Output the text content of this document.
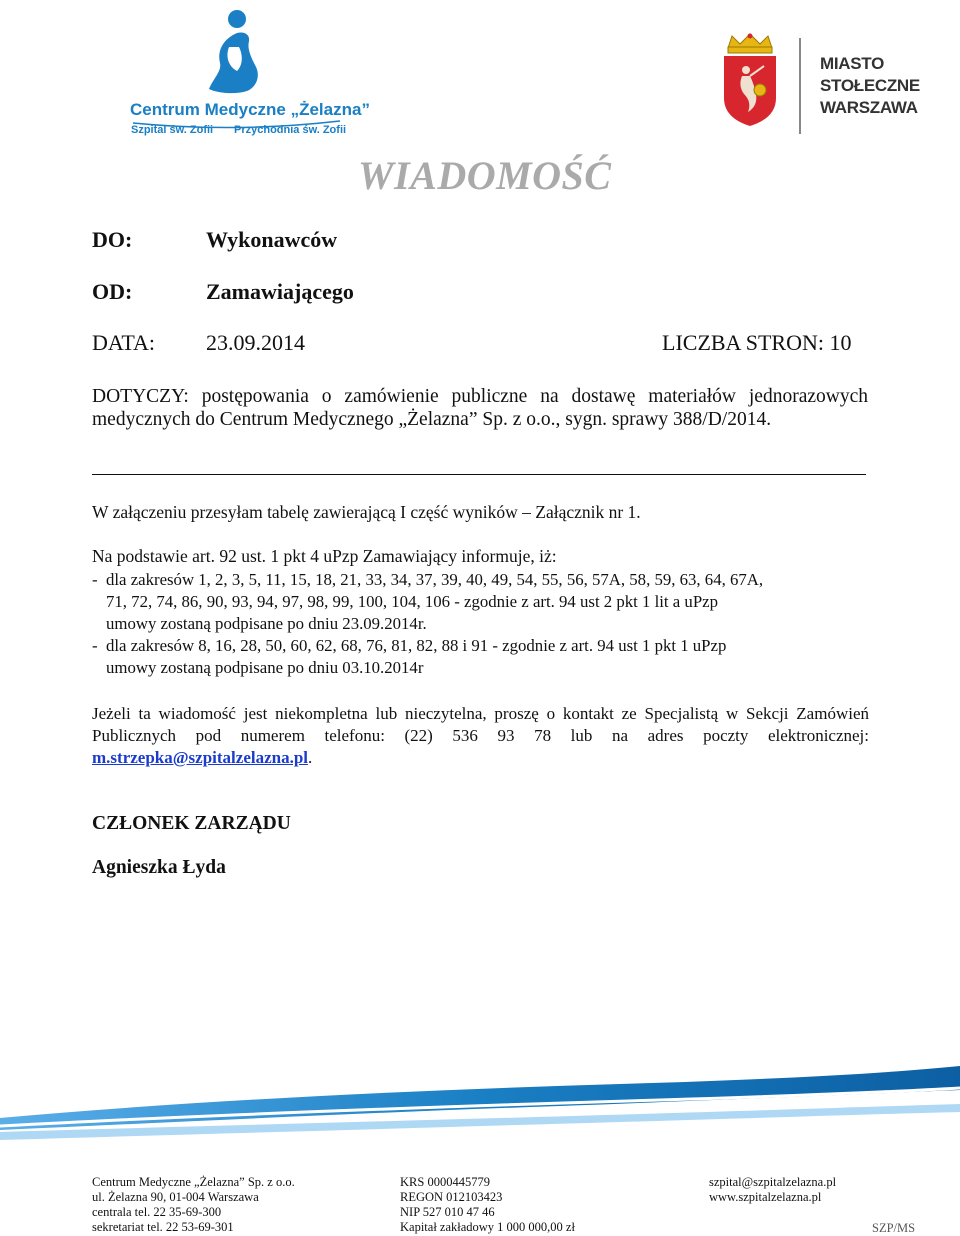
Centrum Medyczne „Żelazna”
Szpital św. Zofii Przychodnia św. Zofii
MIASTO
STOŁECZNE
WARSZAWA
WIADOMOŚĆ
DO:	Wykonawców
OD:	Zamawiającego
DATA: 23.09.2014	LICZBA STRON: 10
DOTYCZY: postępowania o zamówienie publiczne na dostawę materiałów jednorazowych medycznych do Centrum Medycznego „Żelazna” Sp. z o.o., sygn. sprawy 388/D/2014.
W załączeniu przesyłam tabelę zawierającą I część wyników – Załącznik nr 1.
Na podstawie art. 92 ust. 1 pkt 4 uPzp Zamawiający informuje, iż:
- dla zakresów 1, 2, 3, 5, 11, 15, 18, 21, 33, 34, 37, 39, 40, 49, 54, 55, 56, 57A, 58, 59, 63, 64, 67A,
71, 72, 74, 86, 90, 93, 94, 97, 98, 99, 100, 104, 106 - zgodnie z art. 94 ust 2 pkt 1 lit a uPzp
umowy zostaną podpisane po dniu 23.09.2014r.
- dla zakresów 8, 16, 28, 50, 60, 62, 68, 76, 81, 82, 88 i 91 - zgodnie z art. 94 ust 1 pkt 1 uPzp
umowy zostaną podpisane po dniu 03.10.2014r
Jeżeli ta wiadomość jest niekompletna lub nieczytelna, proszę o kontakt ze Specjalistą w Sekcji Zamówień Publicznych pod numerem telefonu: (22) 536 93 78 lub na adres poczty elektronicznej: m.strzepka@szpitalzelazna.pl.
CZŁONEK ZARZĄDU
Agnieszka Łyda
Centrum Medyczne „Żelazna” Sp. z o.o.
ul. Żelazna 90, 01-004 Warszawa
centrala tel. 22 35-69-300
sekretariat tel. 22 53-69-301
KRS 0000445779
REGON 012103423
NIP 527 010 47 46
Kapitał zakładowy 1 000 000,00 zł
szpital@szpitalzelazna.pl
www.szpitalzelazna.pl
SZP/MS
